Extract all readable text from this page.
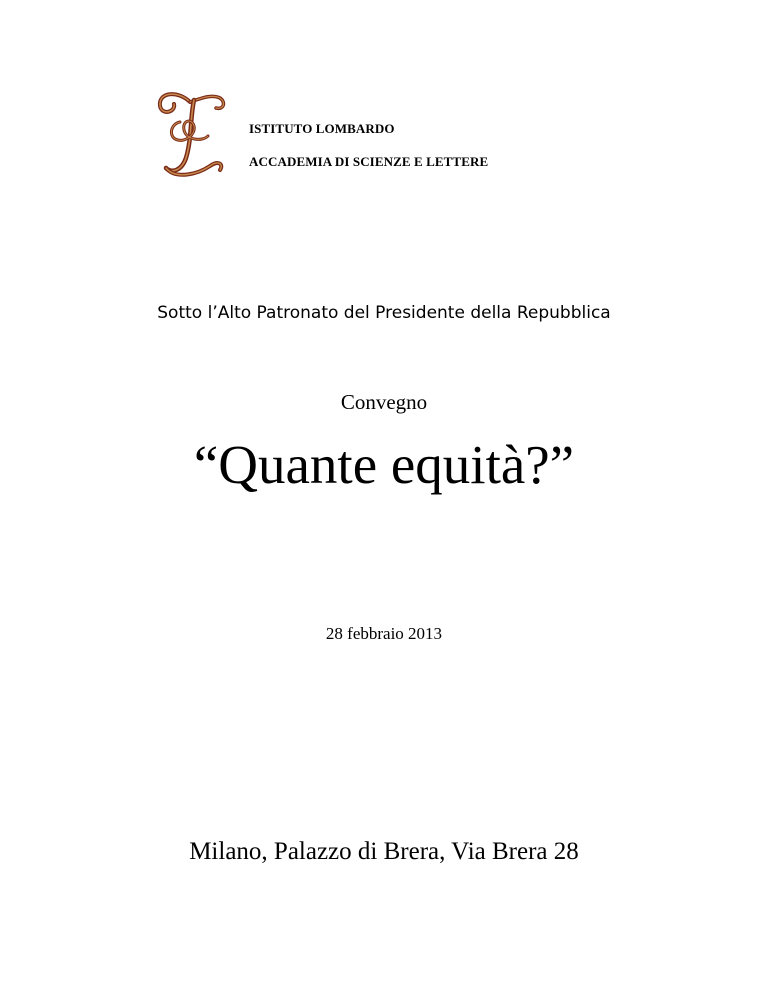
ISTITUTO LOMBARDO
ACCADEMIA DI SCIENZE E LETTERE
Sotto l’Alto Patronato del Presidente della Repubblica
Convegno
“Quante equità?”
28 febbraio 2013
Milano, Palazzo di Brera, Via Brera 28
